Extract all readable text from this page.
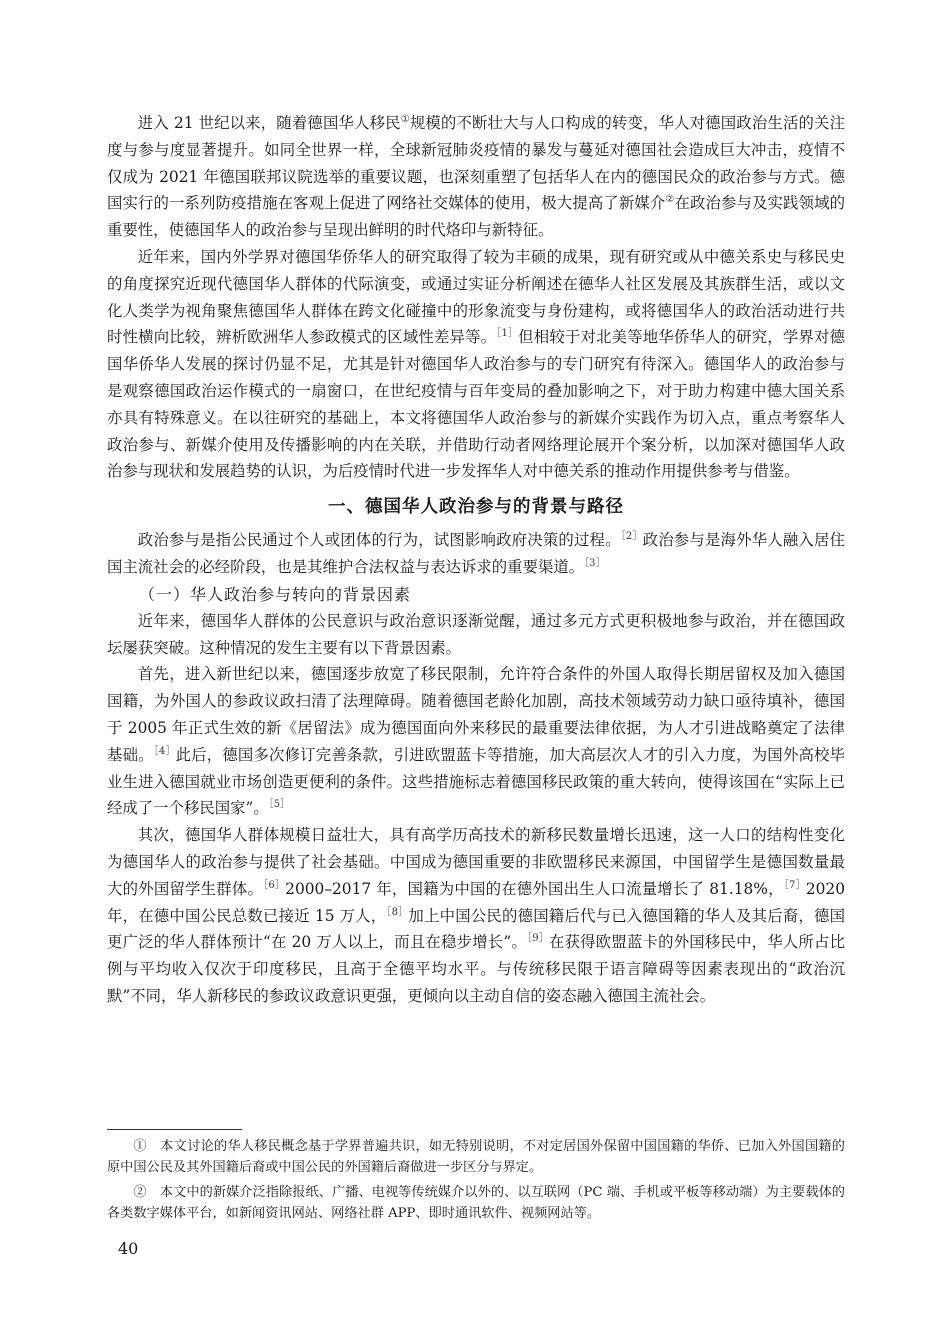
进入 21 世纪以来，随着德国华人移民①规模的不断壮大与人口构成的转变，华人对德国政治生活的关注度与参与度显著提升。如同全世界一样，全球新冠肺炎疫情的暴发与蔓延对德国社会造成巨大冲击，疫情不仅成为 2021 年德国联邦议院选举的重要议题，也深刻重塑了包括华人在内的德国民众的政治参与方式。德国实行的一系列防疫措施在客观上促进了网络社交媒体的使用，极大提高了新媒介②在政治参与及实践领域的重要性，使德国华人的政治参与呈现出鲜明的时代烙印与新特征。

近年来，国内外学界对德国华侨华人的研究取得了较为丰硕的成果，现有研究或从中德关系史与移民史的角度探究近现代德国华人群体的代际演变，或通过实证分析阐述在德华人社区发展及其族群生活，或以文化人类学为视角聚焦德国华人群体在跨文化碰撞中的形象流变与身份建构，或将德国华人的政治活动进行共时性横向比较，辨析欧洲华人参政模式的区域性差异等。$^{[1]}$但相较于对北美等地华侨华人的研究，学界对德国华侨华人发展的探讨仍显不足，尤其是针对德国华人政治参与的专门研究有待深入。德国华人的政治参与是观察德国政治运作模式的一扇窗口，在世纪疫情与百年变局的叠加影响之下，对于助力构建中德大国关系亦具有特殊意义。在以往研究的基础上，本文将德国华人政治参与的新媒介实践作为切入点，重点考察华人政治参与、新媒介使用及传播影响的内在关联，并借助行动者网络理论展开个案分析，以加深对德国华人政治参与现状和发展趋势的认识，为后疫情时代进一步发挥华人对中德关系的推动作用提供参考与借鉴。

一、德国华人政治参与的背景与路径

政治参与是指公民通过个人或团体的行为，试图影响政府决策的过程。$^{[2]}$政治参与是海外华人融入居住国主流社会的必经阶段，也是其维护合法权益与表达诉求的重要渠道。$^{[3]}$

（一）华人政治参与转向的背景因素

近年来，德国华人群体的公民意识与政治意识逐渐觉醒，通过多元方式更积极地参与政治，并在德国政坛屡获突破。这种情况的发生主要有以下背景因素。

首先，进入新世纪以来，德国逐步放宽了移民限制，允许符合条件的外国人取得长期居留权及加入德国国籍，为外国人的参政议政扫清了法理障碍。随着德国老龄化加剧，高技术领域劳动力缺口亟待填补，德国于 2005 年正式生效的新《居留法》成为德国面向外来移民的最重要法律依据，为人才引进战略奠定了法律基础。$^{[4]}$此后，德国多次修订完善条款，引进欧盟蓝卡等措施，加大高层次人才的引入力度，为国外高校毕业生进入德国就业市场创造更便利的条件。这些措施标志着德国移民政策的重大转向，使得该国在“实际上已经成了一个移民国家”。$^{[5]}$

其次，德国华人群体规模日益壮大，具有高学历高技术的新移民数量增长迅速，这一人口的结构性变化为德国华人的政治参与提供了社会基础。中国成为德国重要的非欧盟移民来源国，中国留学生是德国数量最大的外国留学生群体。$^{[6]}$2000–2017 年，国籍为中国的在德外国出生人口流量增长了 81.18%，$^{[7]}$2020 年，在德中国公民总数已接近 15 万人，$^{[8]}$加上中国公民的德国籍后代与已入德国籍的华人及其后裔，德国更广泛的华人群体预计“在 20 万人以上，而且在稳步增长”。$^{[9]}$在获得欧盟蓝卡的外国移民中，华人所占比例与平均收入仅次于印度移民，且高于全德平均水平。与传统移民限于语言障碍等因素表现出的“政治沉默”不同，华人新移民的参政议政意识更强，更倾向以主动自信的姿态融入德国主流社会。

①　本文讨论的华人移民概念基于学界普遍共识，如无特别说明，不对定居国外保留中国国籍的华侨、已加入外国国籍的原中国公民及其外国籍后裔或中国公民的外国籍后裔做进一步区分与界定。

②　本文中的新媒介泛指除报纸、广播、电视等传统媒介以外的、以互联网（PC 端、手机或平板等移动端）为主要载体的各类数字媒体平台，如新闻资讯网站、网络社群 APP、即时通讯软件、视频网站等。

40
